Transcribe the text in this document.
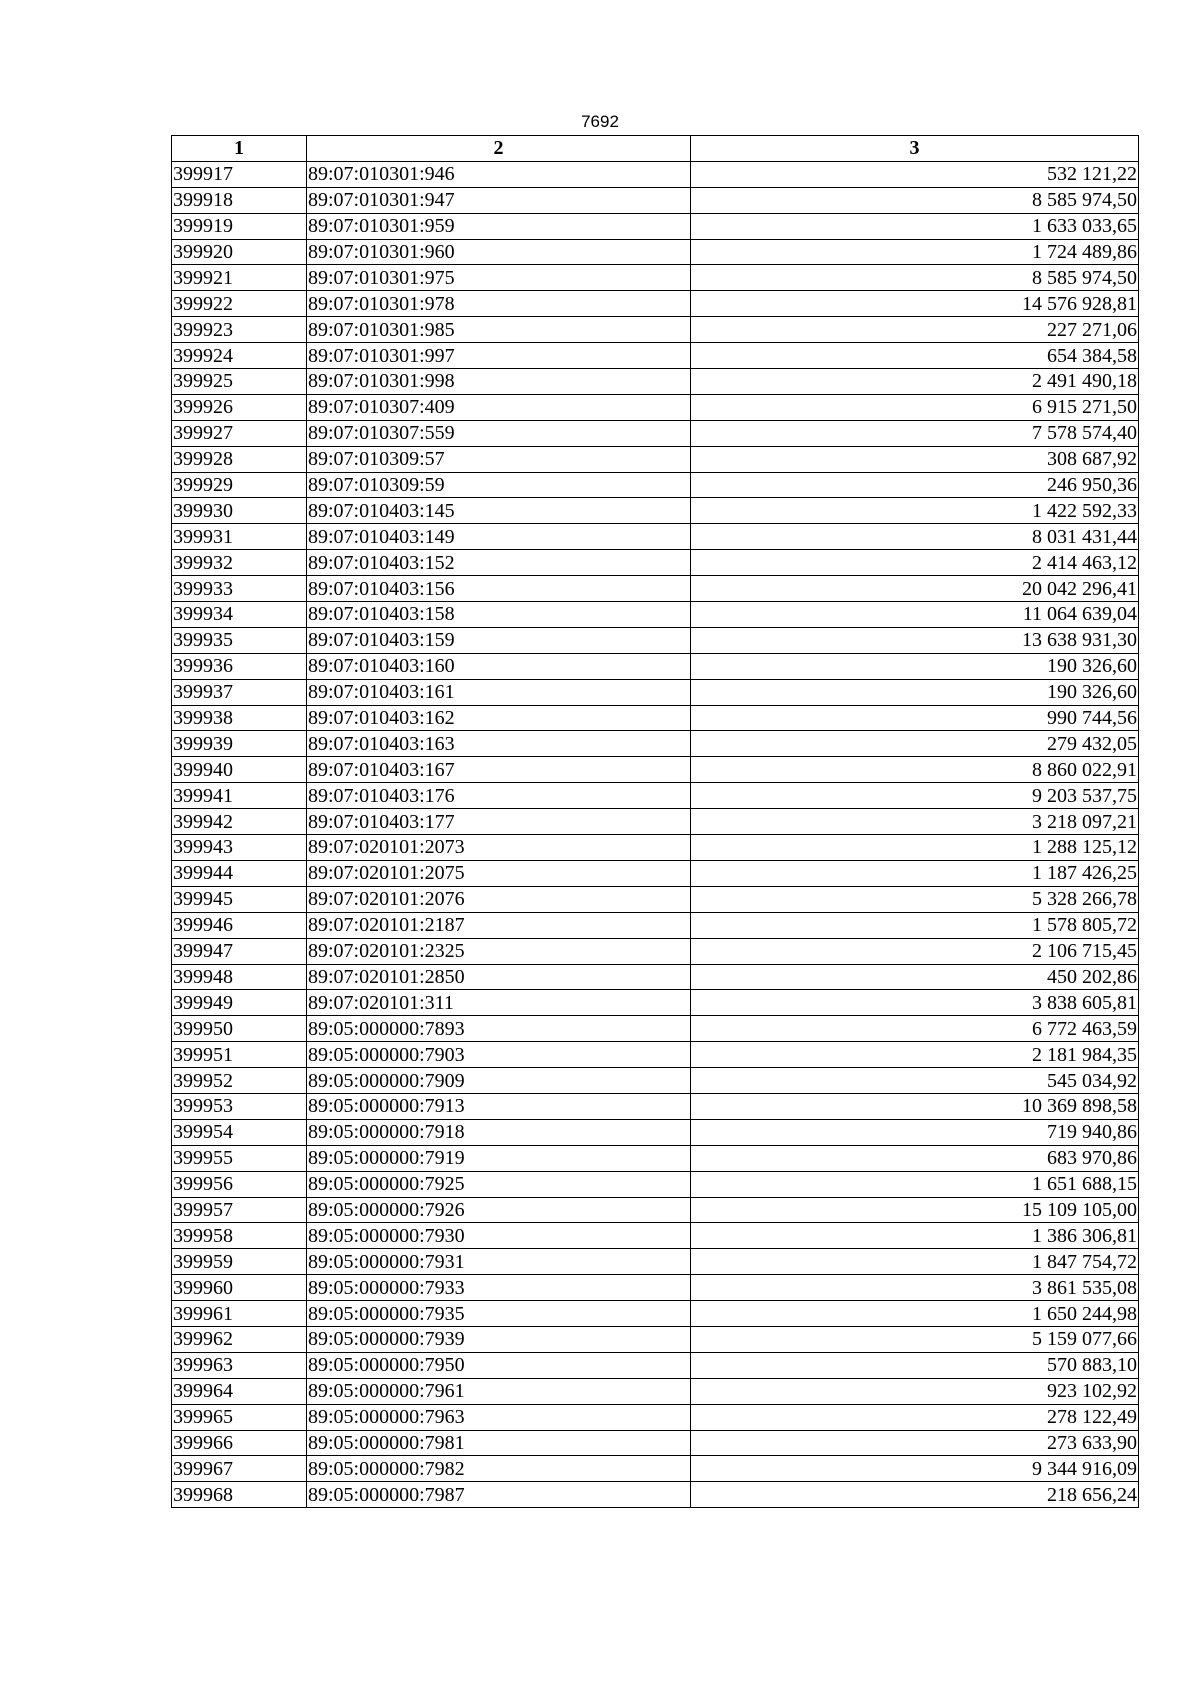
7692
1	2	3
399917	89:07:010301:946	532 121,22
399918	89:07:010301:947	8 585 974,50
399919	89:07:010301:959	1 633 033,65
399920	89:07:010301:960	1 724 489,86
399921	89:07:010301:975	8 585 974,50
399922	89:07:010301:978	14 576 928,81
399923	89:07:010301:985	227 271,06
399924	89:07:010301:997	654 384,58
399925	89:07:010301:998	2 491 490,18
399926	89:07:010307:409	6 915 271,50
399927	89:07:010307:559	7 578 574,40
399928	89:07:010309:57	308 687,92
399929	89:07:010309:59	246 950,36
399930	89:07:010403:145	1 422 592,33
399931	89:07:010403:149	8 031 431,44
399932	89:07:010403:152	2 414 463,12
399933	89:07:010403:156	20 042 296,41
399934	89:07:010403:158	11 064 639,04
399935	89:07:010403:159	13 638 931,30
399936	89:07:010403:160	190 326,60
399937	89:07:010403:161	190 326,60
399938	89:07:010403:162	990 744,56
399939	89:07:010403:163	279 432,05
399940	89:07:010403:167	8 860 022,91
399941	89:07:010403:176	9 203 537,75
399942	89:07:010403:177	3 218 097,21
399943	89:07:020101:2073	1 288 125,12
399944	89:07:020101:2075	1 187 426,25
399945	89:07:020101:2076	5 328 266,78
399946	89:07:020101:2187	1 578 805,72
399947	89:07:020101:2325	2 106 715,45
399948	89:07:020101:2850	450 202,86
399949	89:07:020101:311	3 838 605,81
399950	89:05:000000:7893	6 772 463,59
399951	89:05:000000:7903	2 181 984,35
399952	89:05:000000:7909	545 034,92
399953	89:05:000000:7913	10 369 898,58
399954	89:05:000000:7918	719 940,86
399955	89:05:000000:7919	683 970,86
399956	89:05:000000:7925	1 651 688,15
399957	89:05:000000:7926	15 109 105,00
399958	89:05:000000:7930	1 386 306,81
399959	89:05:000000:7931	1 847 754,72
399960	89:05:000000:7933	3 861 535,08
399961	89:05:000000:7935	1 650 244,98
399962	89:05:000000:7939	5 159 077,66
399963	89:05:000000:7950	570 883,10
399964	89:05:000000:7961	923 102,92
399965	89:05:000000:7963	278 122,49
399966	89:05:000000:7981	273 633,90
399967	89:05:000000:7982	9 344 916,09
399968	89:05:000000:7987	218 656,24
